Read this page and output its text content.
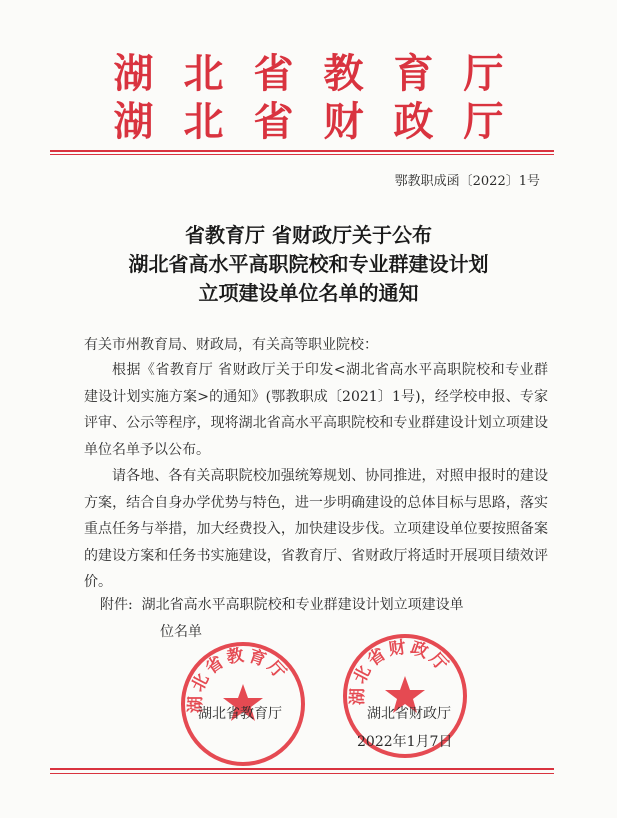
湖北省教育厅
湖北省财政厅
鄂教职成函〔2022〕1号
省教育厅 省财政厅关于公布
湖北省高水平高职院校和专业群建设计划
立项建设单位名单的通知
有关市州教育局、财政局，有关高等职业院校：
根据《省教育厅 省财政厅关于印发<湖北省高水平高职院校和专业群建设计划实施方案>的通知》(鄂教职成〔2021〕1号)，经学校申报、专家评审、公示等程序，现将湖北省高水平高职院校和专业群建设计划立项建设单位名单予以公布。
请各地、各有关高职院校加强统筹规划、协同推进，对照申报时的建设方案，结合自身办学优势与特色，进一步明确建设的总体目标与思路，落实重点任务与举措，加大经费投入，加快建设步伐。立项建设单位要按照备案的建设方案和任务书实施建设，省教育厅、省财政厅将适时开展项目绩效评价。
附件: 湖北省高水平高职院校和专业群建设计划立项建设单
位名单
湖北省教育厅
湖北省财政厅
湖北省教育厅	湖北省财政厅
2022年1月7日
